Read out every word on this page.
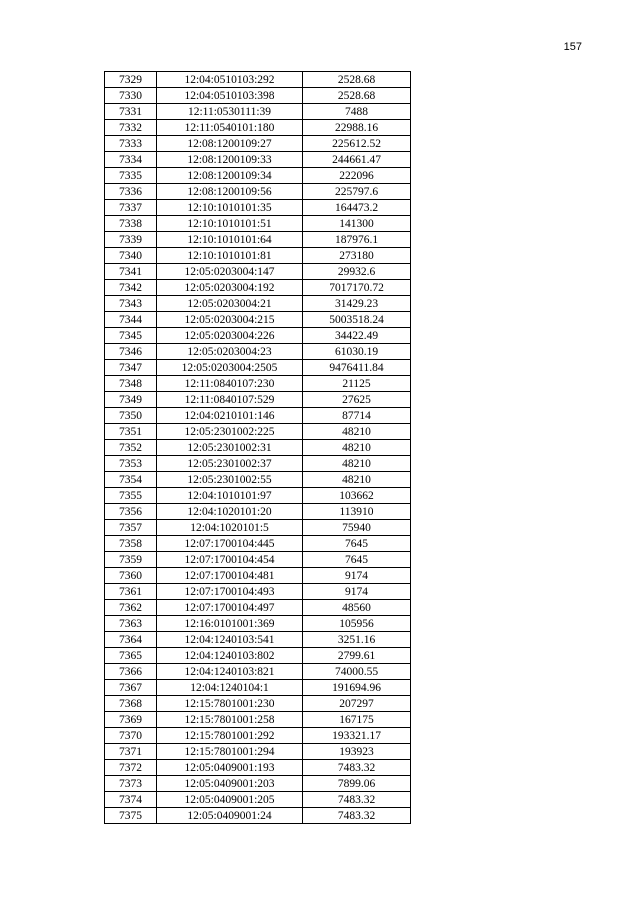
157
7329	12:04:0510103:292	2528.68
7330	12:04:0510103:398	2528.68
7331	12:11:0530111:39	7488
7332	12:11:0540101:180	22988.16
7333	12:08:1200109:27	225612.52
7334	12:08:1200109:33	244661.47
7335	12:08:1200109:34	222096
7336	12:08:1200109:56	225797.6
7337	12:10:1010101:35	164473.2
7338	12:10:1010101:51	141300
7339	12:10:1010101:64	187976.1
7340	12:10:1010101:81	273180
7341	12:05:0203004:147	29932.6
7342	12:05:0203004:192	7017170.72
7343	12:05:0203004:21	31429.23
7344	12:05:0203004:215	5003518.24
7345	12:05:0203004:226	34422.49
7346	12:05:0203004:23	61030.19
7347	12:05:0203004:2505	9476411.84
7348	12:11:0840107:230	21125
7349	12:11:0840107:529	27625
7350	12:04:0210101:146	87714
7351	12:05:2301002:225	48210
7352	12:05:2301002:31	48210
7353	12:05:2301002:37	48210
7354	12:05:2301002:55	48210
7355	12:04:1010101:97	103662
7356	12:04:1020101:20	113910
7357	12:04:1020101:5	75940
7358	12:07:1700104:445	7645
7359	12:07:1700104:454	7645
7360	12:07:1700104:481	9174
7361	12:07:1700104:493	9174
7362	12:07:1700104:497	48560
7363	12:16:0101001:369	105956
7364	12:04:1240103:541	3251.16
7365	12:04:1240103:802	2799.61
7366	12:04:1240103:821	74000.55
7367	12:04:1240104:1	191694.96
7368	12:15:7801001:230	207297
7369	12:15:7801001:258	167175
7370	12:15:7801001:292	193321.17
7371	12:15:7801001:294	193923
7372	12:05:0409001:193	7483.32
7373	12:05:0409001:203	7899.06
7374	12:05:0409001:205	7483.32
7375	12:05:0409001:24	7483.32
